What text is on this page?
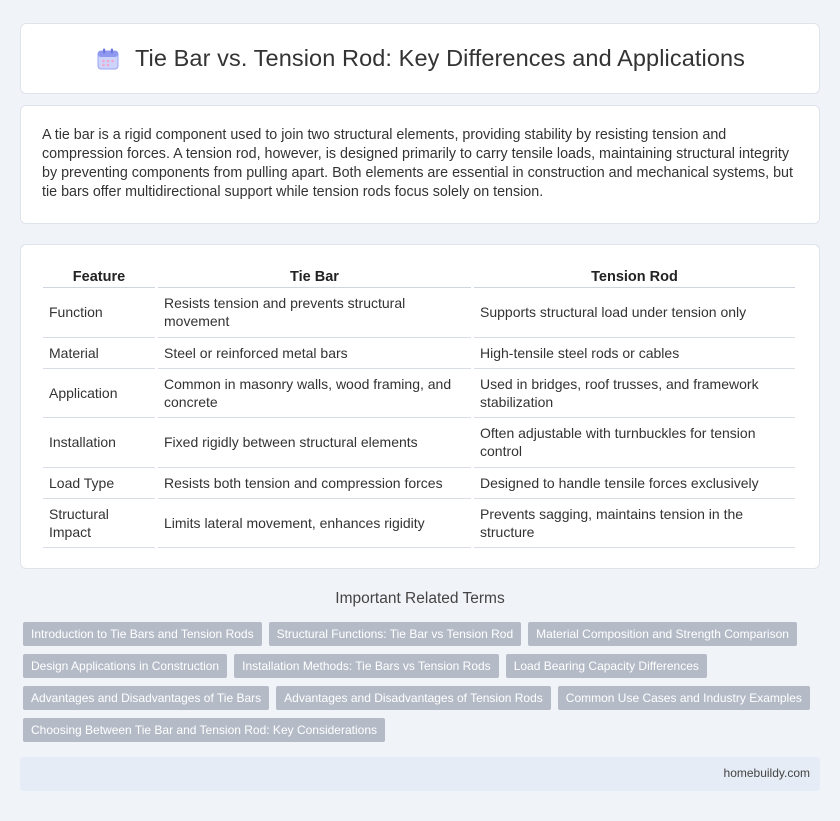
Tie Bar vs. Tension Rod: Key Differences and Applications

A tie bar is a rigid component used to join two structural elements, providing stability by resisting tension and compression forces. A tension rod, however, is designed primarily to carry tensile loads, maintaining structural integrity by preventing components from pulling apart. Both elements are essential in construction and mechanical systems, but tie bars offer multidirectional support while tension rods focus solely on tension.

Feature	Tie Bar	Tension Rod
Function	Resists tension and prevents structural movement	Supports structural load under tension only
Material	Steel or reinforced metal bars	High-tensile steel rods or cables
Application	Common in masonry walls, wood framing, and concrete	Used in bridges, roof trusses, and framework stabilization
Installation	Fixed rigidly between structural elements	Often adjustable with turnbuckles for tension control
Load Type	Resists both tension and compression forces	Designed to handle tensile forces exclusively
Structural Impact	Limits lateral movement, enhances rigidity	Prevents sagging, maintains tension in the structure
Important Related Terms
Introduction to Tie Bars and Tension Rods	Structural Functions: Tie Bar vs Tension Rod	Material Composition and Strength Comparison
Design Applications in Construction	Installation Methods: Tie Bars vs Tension Rods	Load Bearing Capacity Differences
Advantages and Disadvantages of Tie Bars	Advantages and Disadvantages of Tension Rods	Common Use Cases and Industry Examples
Choosing Between Tie Bar and Tension Rod: Key Considerations
homebuildy.com
